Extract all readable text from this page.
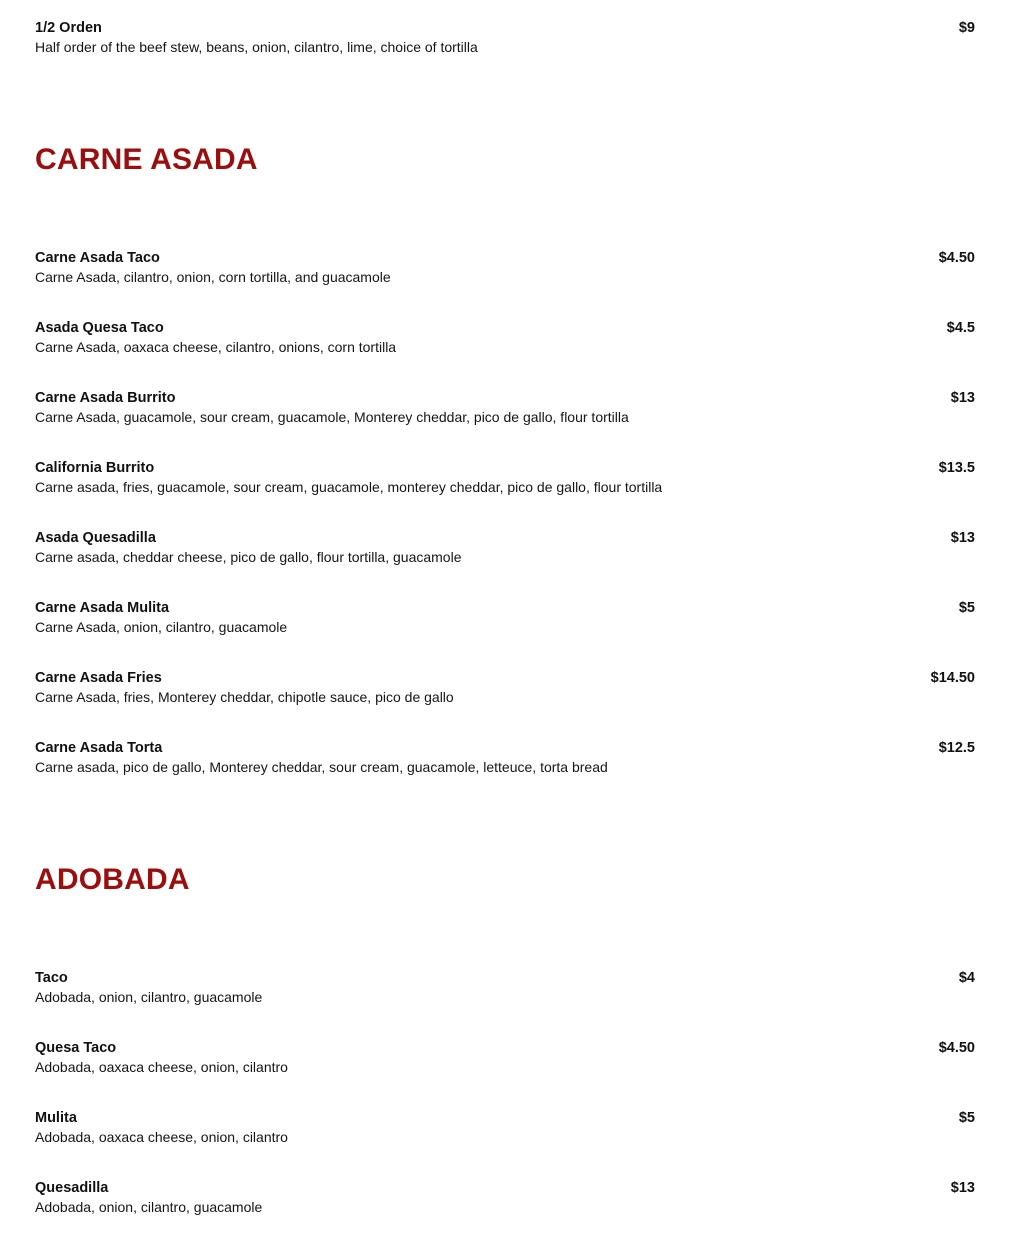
1/2 Orden	$9
Half order of the beef stew, beans, onion, cilantro, lime, choice of tortilla
CARNE ASADA
Carne Asada Taco	$4.50
Carne Asada, cilantro, onion, corn tortilla, and guacamole
Asada Quesa Taco	$4.5
Carne Asada, oaxaca cheese, cilantro, onions, corn tortilla
Carne Asada Burrito	$13
Carne Asada, guacamole, sour cream, guacamole, Monterey cheddar, pico de gallo, flour tortilla
California Burrito	$13.5
Carne asada, fries, guacamole, sour cream, guacamole, monterey cheddar, pico de gallo, flour tortilla
Asada Quesadilla	$13
Carne asada, cheddar cheese, pico de gallo, flour tortilla, guacamole
Carne Asada Mulita	$5
Carne Asada, onion, cilantro, guacamole
Carne Asada Fries	$14.50
Carne Asada, fries, Monterey cheddar, chipotle sauce, pico de gallo
Carne Asada Torta	$12.5
Carne asada, pico de gallo, Monterey cheddar, sour cream, guacamole, letteuce, torta bread
ADOBADA
Taco	$4
Adobada, onion, cilantro, guacamole
Quesa Taco	$4.50
Adobada, oaxaca cheese, onion, cilantro
Mulita	$5
Adobada, oaxaca cheese, onion, cilantro
Quesadilla	$13
Adobada, onion, cilantro, guacamole
